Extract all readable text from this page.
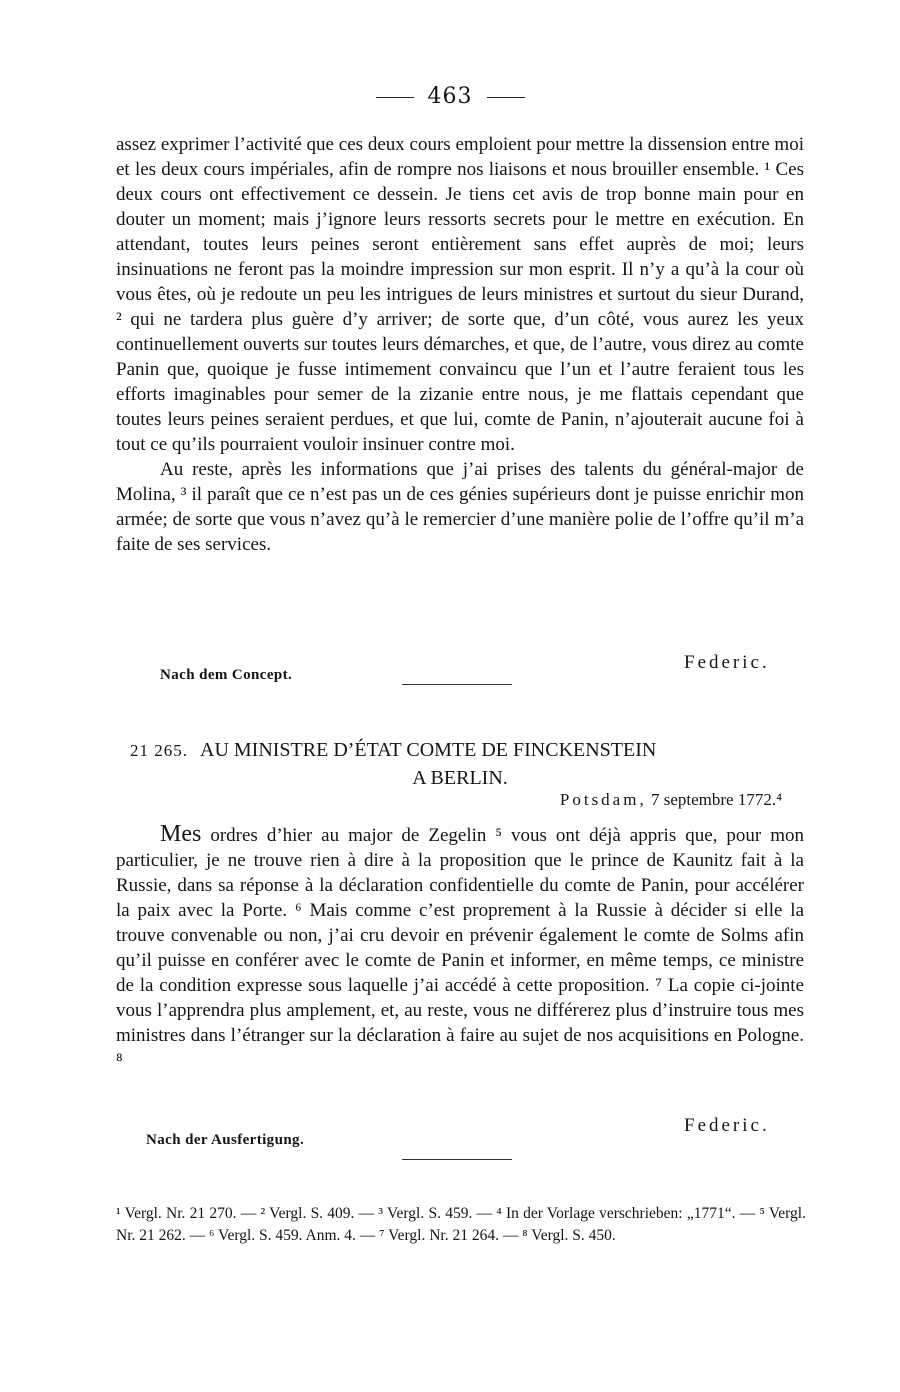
463

assez exprimer l’activité que ces deux cours emploient pour mettre la dissension entre moi et les deux cours impériales, afin de rompre nos liaisons et nous brouiller ensemble. ¹ Ces deux cours ont effectivement ce dessein. Je tiens cet avis de trop bonne main pour en douter un moment; mais j’ignore leurs ressorts secrets pour le mettre en exécution. En attendant, toutes leurs peines seront entièrement sans effet auprès de moi; leurs insinuations ne feront pas la moindre impression sur mon esprit. Il n’y a qu’à la cour où vous êtes, où je redoute un peu les intrigues de leurs ministres et surtout du sieur Durand, ² qui ne tardera plus guère d’y arriver; de sorte que, d’un côté, vous aurez les yeux continuellement ouverts sur toutes leurs démarches, et que, de l’autre, vous direz au comte Panin que, quoique je fusse intimement convaincu que l’un et l’autre feraient tous les efforts imaginables pour semer de la zizanie entre nous, je me flattais cependant que toutes leurs peines seraient perdues, et que lui, comte de Panin, n’ajouterait aucune foi à tout ce qu’ils pourraient vouloir insinuer contre moi.

Au reste, après les informations que j’ai prises des talents du général-major de Molina, ³ il paraît que ce n’est pas un de ces génies supérieurs dont je puisse enrichir mon armée; de sorte que vous n’avez qu’à le remercier d’une manière polie de l’offre qu’il m’a faite de ses services.

Federic.
Nach dem Concept.
21 265. AU MINISTRE D’ÉTAT COMTE DE FINCKENSTEIN
A BERLIN.
Potsdam, 7 septembre 1772.⁴

Mes ordres d’hier au major de Zegelin ⁵ vous ont déjà appris que, pour mon particulier, je ne trouve rien à dire à la proposition que le prince de Kaunitz fait à la Russie, dans sa réponse à la déclaration confidentielle du comte de Panin, pour accélérer la paix avec la Porte. ⁶ Mais comme c’est proprement à la Russie à décider si elle la trouve convenable ou non, j’ai cru devoir en prévenir également le comte de Solms afin qu’il puisse en conférer avec le comte de Panin et informer, en même temps, ce ministre de la condition expresse sous laquelle j’ai accédé à cette proposition. ⁷ La copie ci-jointe vous l’apprendra plus amplement, et, au reste, vous ne différerez plus d’instruire tous mes ministres dans l’étranger sur la déclaration à faire au sujet de nos acquisitions en Pologne. ⁸

Federic.
Nach der Ausfertigung.

¹ Vergl. Nr. 21 270. — ² Vergl. S. 409. — ³ Vergl. S. 459. — ⁴ In der Vorlage verschrieben: „1771“. — ⁵ Vergl. Nr. 21 262. — ⁶ Vergl. S. 459. Anm. 4. — ⁷ Vergl. Nr. 21 264. — ⁸ Vergl. S. 450.
